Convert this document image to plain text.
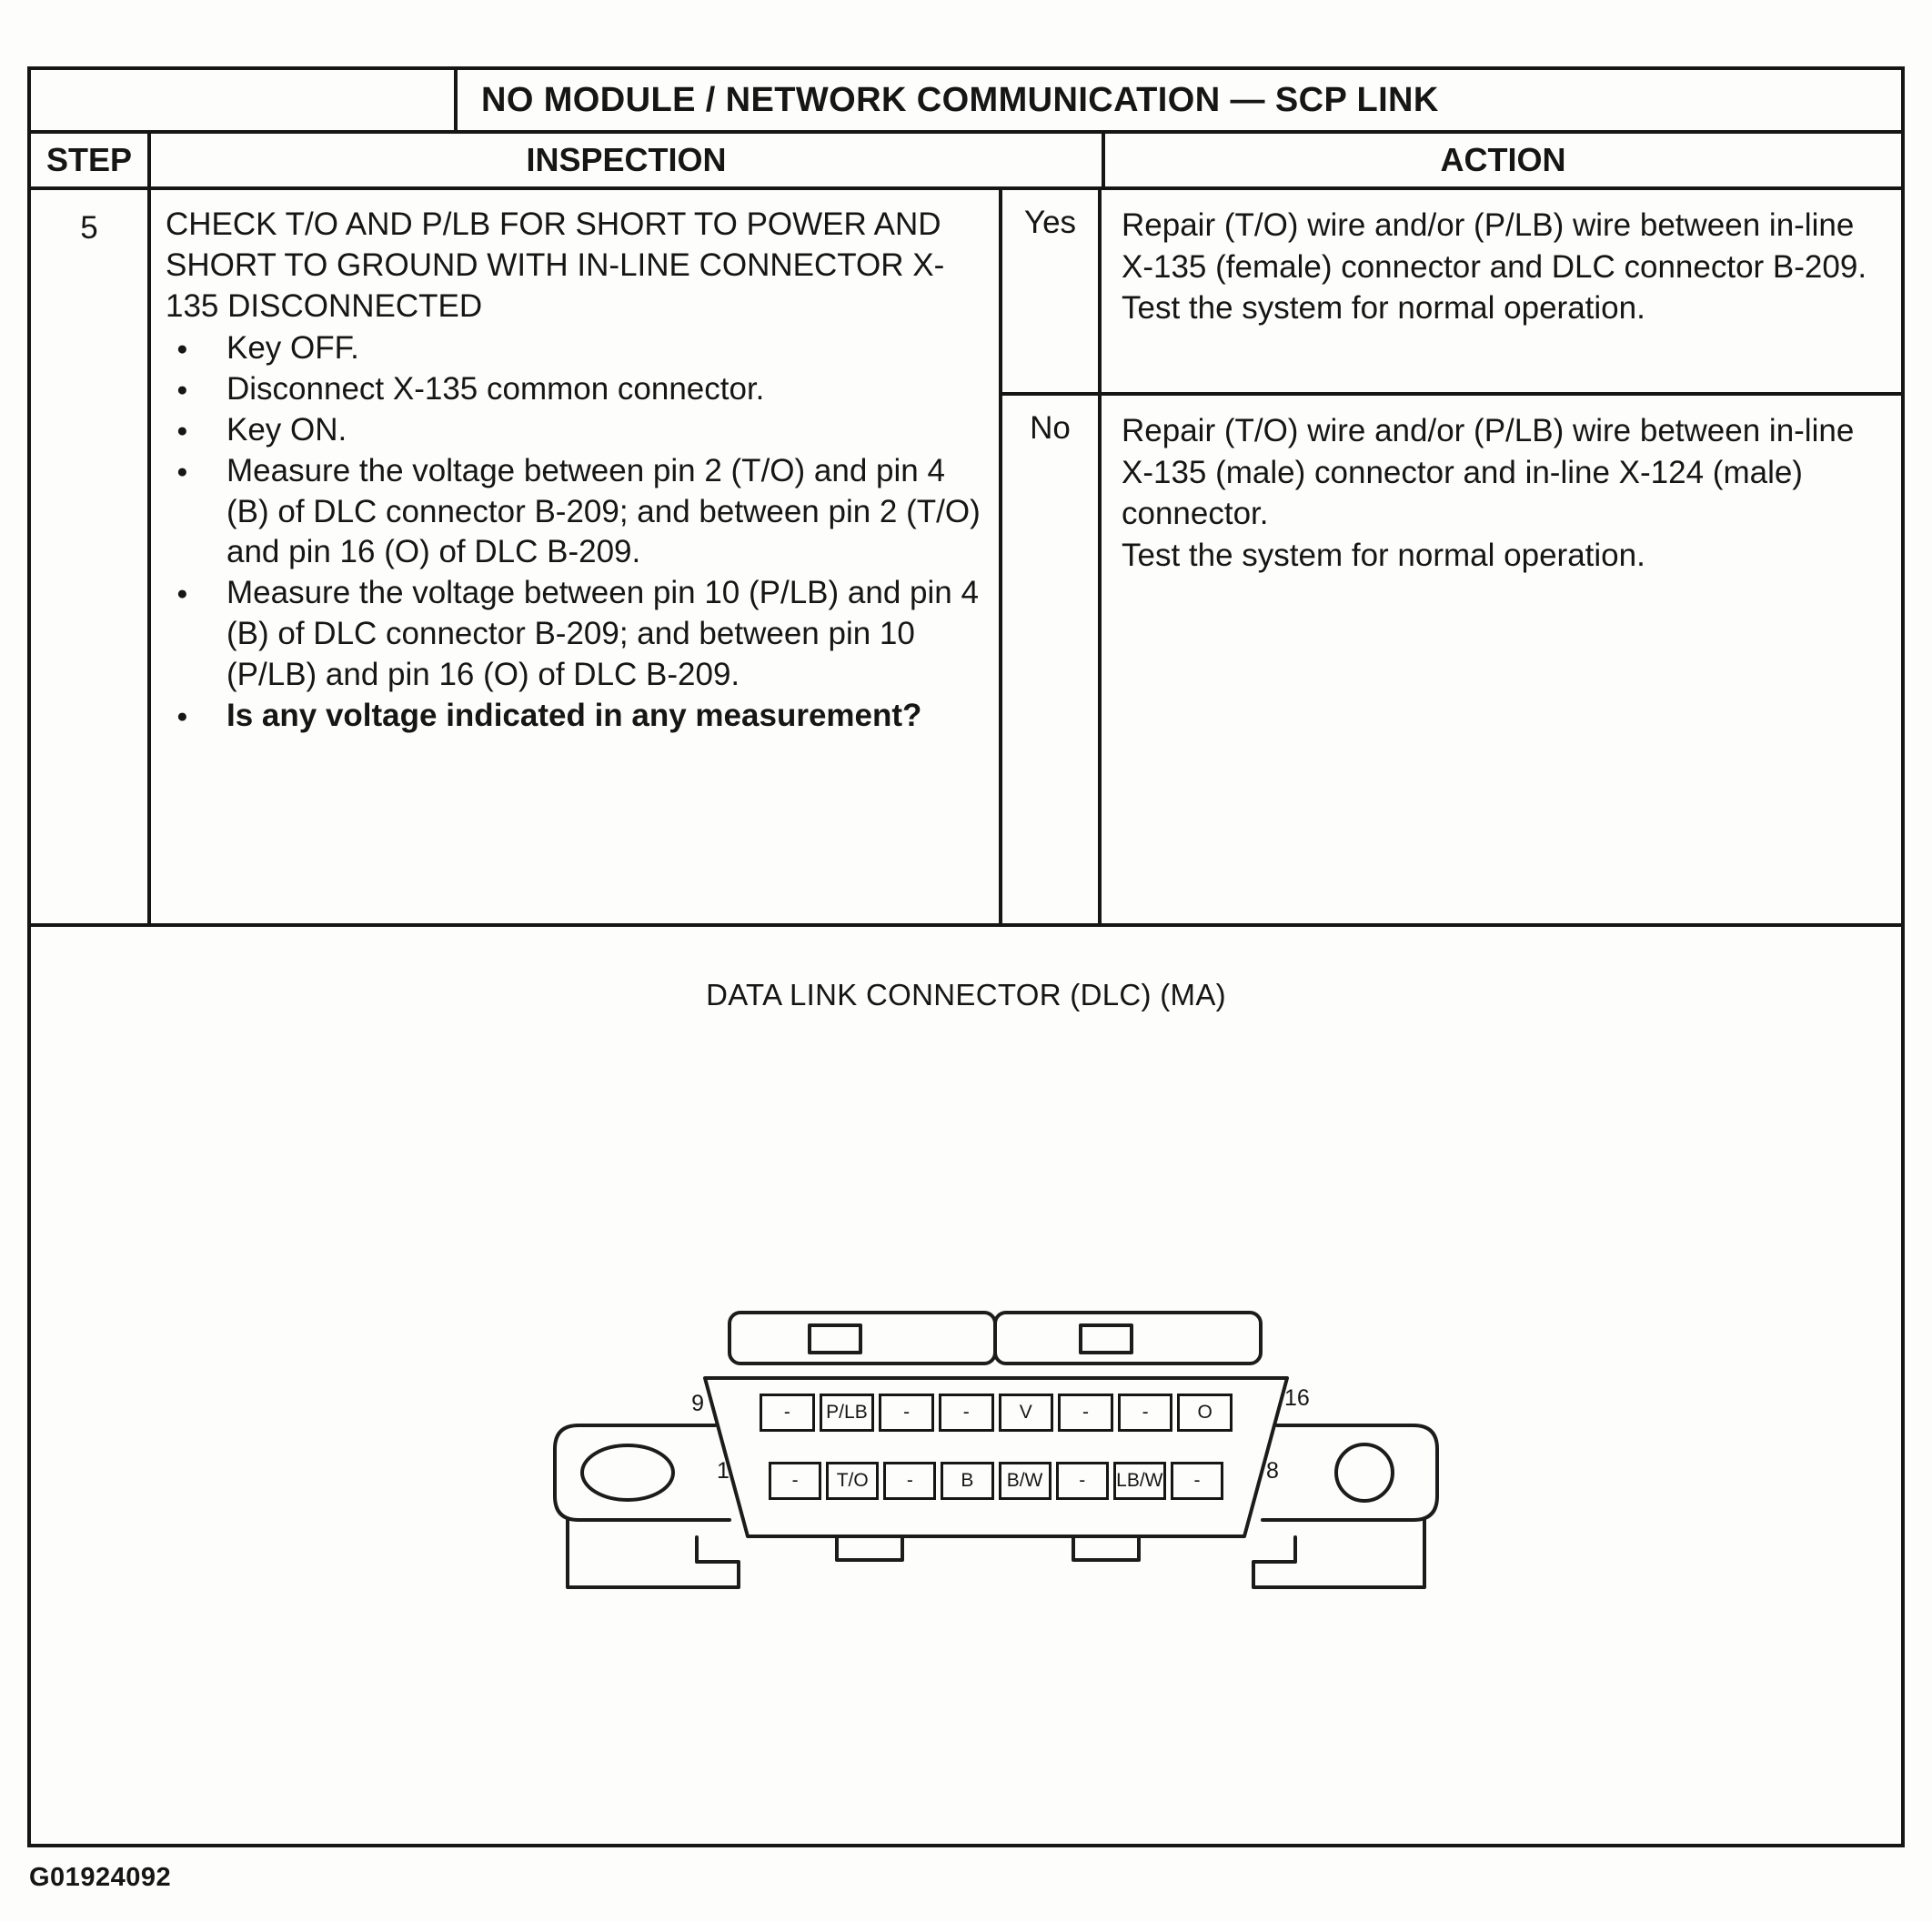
NO MODULE / NETWORK COMMUNICATION — SCP LINK
STEP	INSPECTION	ACTION
5	CHECK T/O AND P/LB FOR SHORT TO POWER AND SHORT TO GROUND WITH IN-LINE CONNECTOR X-135 DISCONNECTED
● Key OFF.
● Disconnect X-135 common connector.
● Key ON.
● Measure the voltage between pin 2 (T/O) and pin 4 (B) of DLC connector B-209; and between pin 2 (T/O) and pin 16 (O) of DLC B-209.
● Measure the voltage between pin 10 (P/LB) and pin 4 (B) of DLC connector B-209; and between pin 10 (P/LB) and pin 16 (O) of DLC B-209.
● Is any voltage indicated in any measurement?
Yes	Repair (T/O) wire and/or (P/LB) wire between in-line X-135 (female) connector and DLC connector B-209.
Test the system for normal operation.
No	Repair (T/O) wire and/or (P/LB) wire between in-line X-135 (male) connector and in-line X-124 (male) connector.
Test the system for normal operation.
DATA LINK CONNECTOR (DLC) (MA)
9	16
1	8
-	P/LB	-	-	V	-	-	O
-	T/O	-	B	B/W	-	LB/W	-
G01924092
